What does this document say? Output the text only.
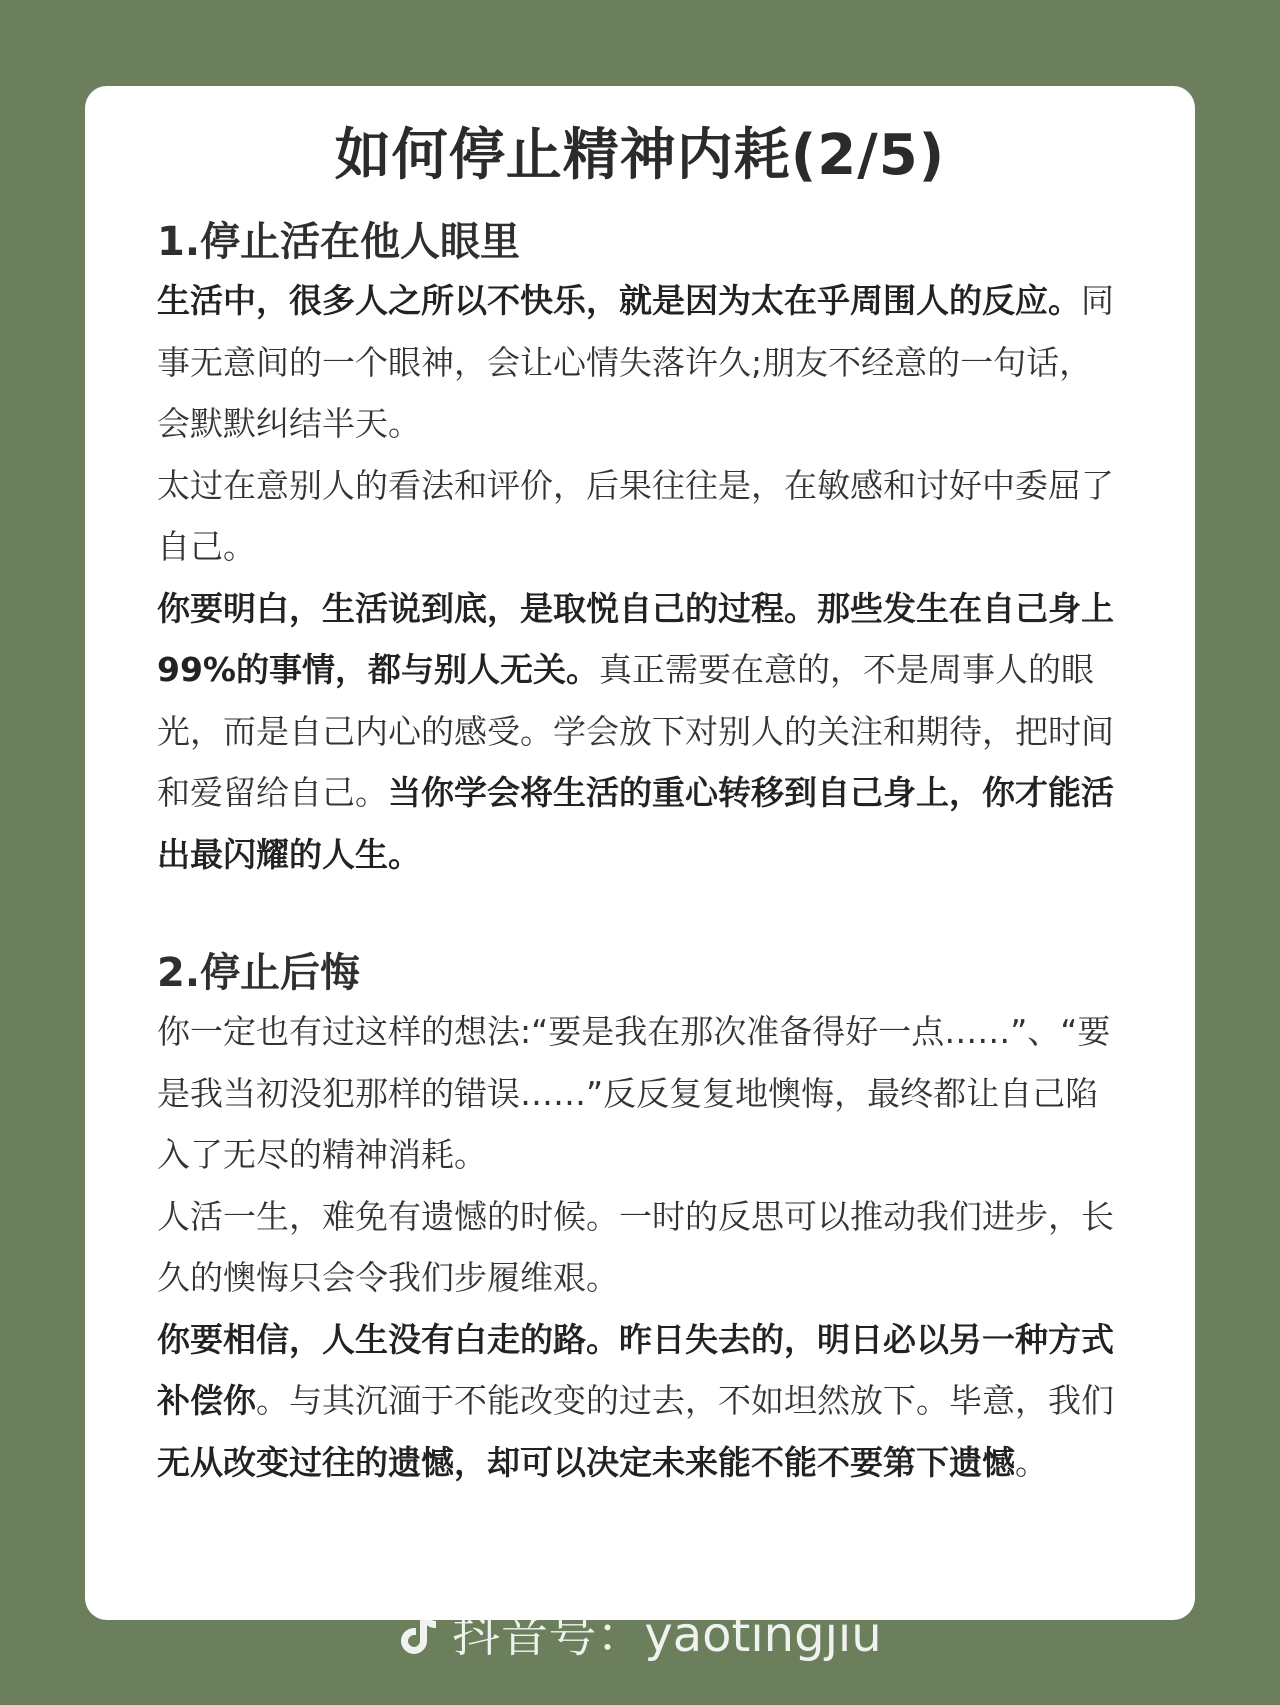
如何停止精神内耗(2/5)
1.停止活在他人眼里

生活中，很多人之所以不快乐，就是因为太在乎周围人的反应。同事无意间的一个眼神，会让心情失落许久;朋友不经意的一句话，会默默纠结半天。

太过在意别人的看法和评价，后果往往是，在敏感和讨好中委屈了自己。

你要明白，生活说到底，是取悦自己的过程。那些发生在自己身上99%的事情，都与别人无关。真正需要在意的，不是周事人的眼光，而是自己内心的感受。学会放下对别人的关注和期待，把时间和爱留给自己。当你学会将生活的重心转移到自己身上，你才能活出最闪耀的人生。

2.停止后悔

你一定也有过这样的想法:“要是我在那次准备得好一点……”、“要是我当初没犯那样的错误……”反反复复地懊悔，最终都让自己陷入了无尽的精神消耗。

人活一生，难免有遗憾的时候。一时的反思可以推动我们进步，长久的懊悔只会令我们步履维艰。

你要相信，人生没有白走的路。昨日失去的，明日必以另一种方式补偿你。与其沉湎于不能改变的过去，不如坦然放下。毕意，我们无从改变过往的遗憾，却可以决定未来能不能不要第下遗憾。

抖音号：yaotingjiu
